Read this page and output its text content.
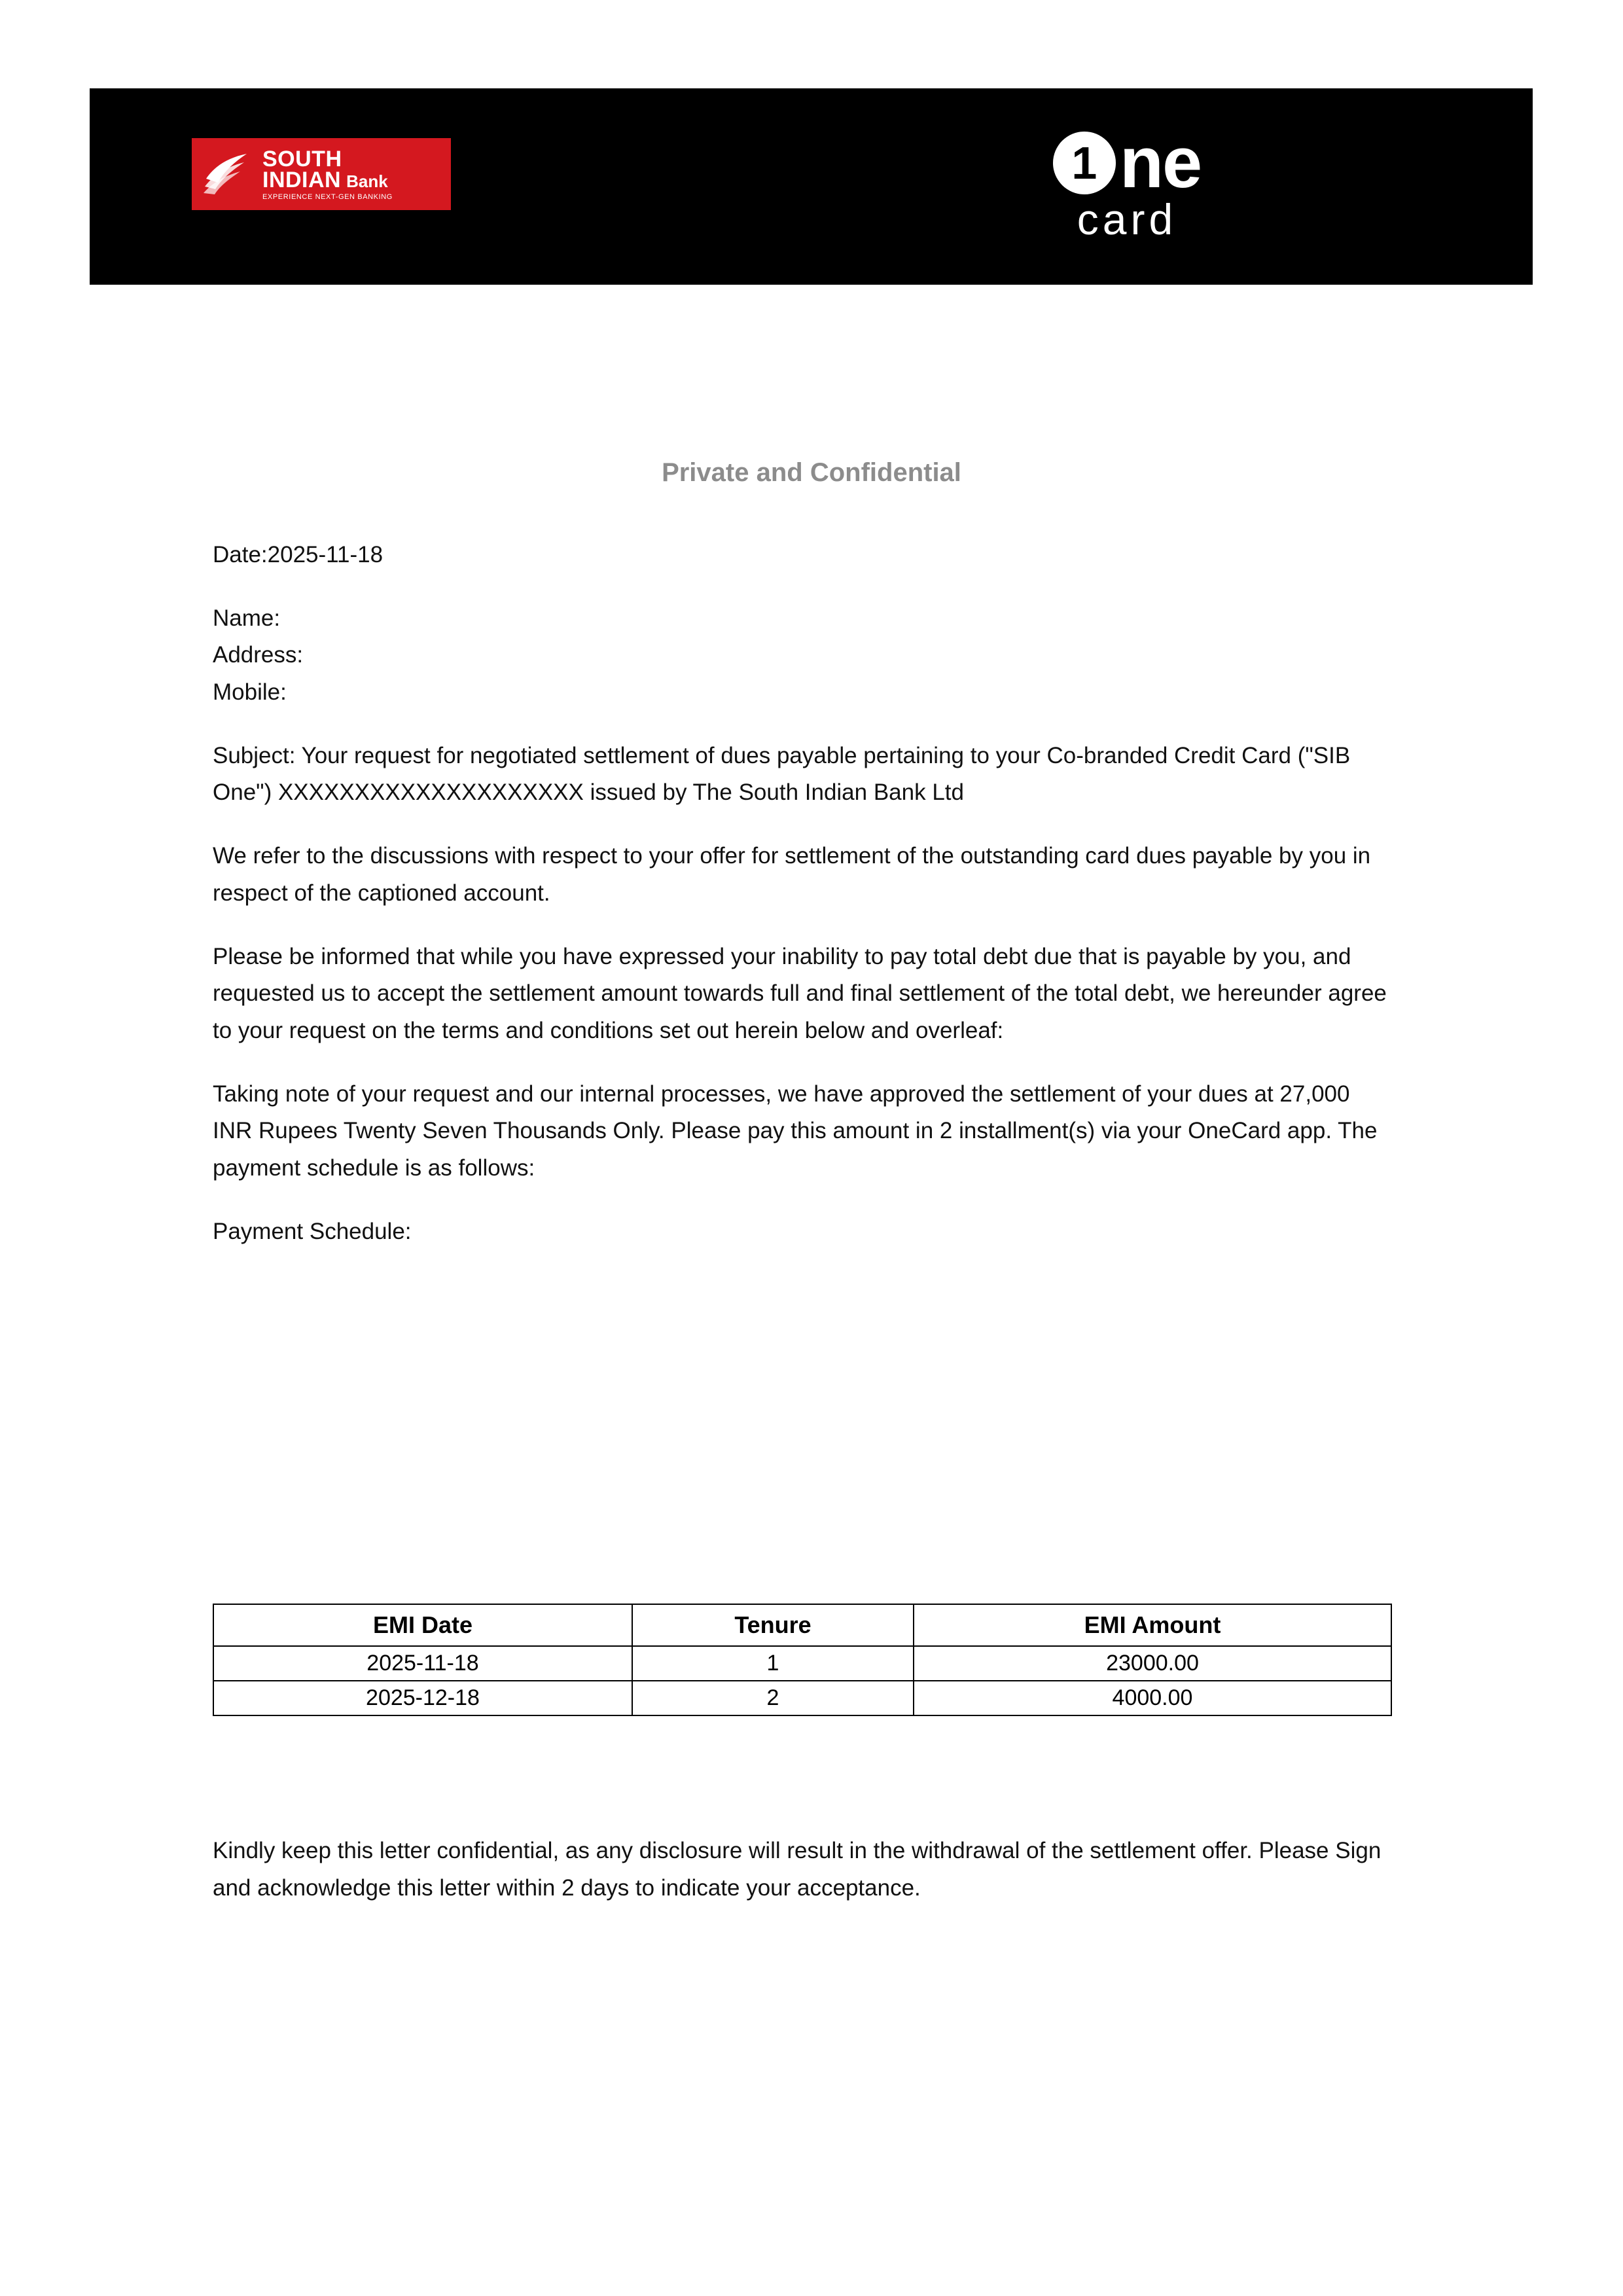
SOUTH
INDIAN Bank
EXPERIENCE NEXT-GEN BANKING
1 ne
card
Private and Confidential

Date:2025-11-18

Name:
Address:
Mobile:

Subject: Your request for negotiated settlement of dues payable pertaining to your Co-branded Credit Card ("SIB One") XXXXXXXXXXXXXXXXXXXX issued by The South Indian Bank Ltd

We refer to the discussions with respect to your offer for settlement of the outstanding card dues payable by you in respect of the captioned account.

Please be informed that while you have expressed your inability to pay total debt due that is payable by you, and requested us to accept the settlement amount towards full and final settlement of the total debt, we hereunder agree to your request on the terms and conditions set out herein below and overleaf:

Taking note of your request and our internal processes, we have approved the settlement of your dues at 27,000 INR Rupees Twenty Seven Thousands Only. Please pay this amount in 2 installment(s) via your OneCard app. The payment schedule is as follows:

Payment Schedule:

EMI Date	Tenure	EMI Amount
2025-11-18	1	23000.00
2025-12-18	2	4000.00

Kindly keep this letter confidential, as any disclosure will result in the withdrawal of the settlement offer. Please Sign and acknowledge this letter within 2 days to indicate your acceptance.
